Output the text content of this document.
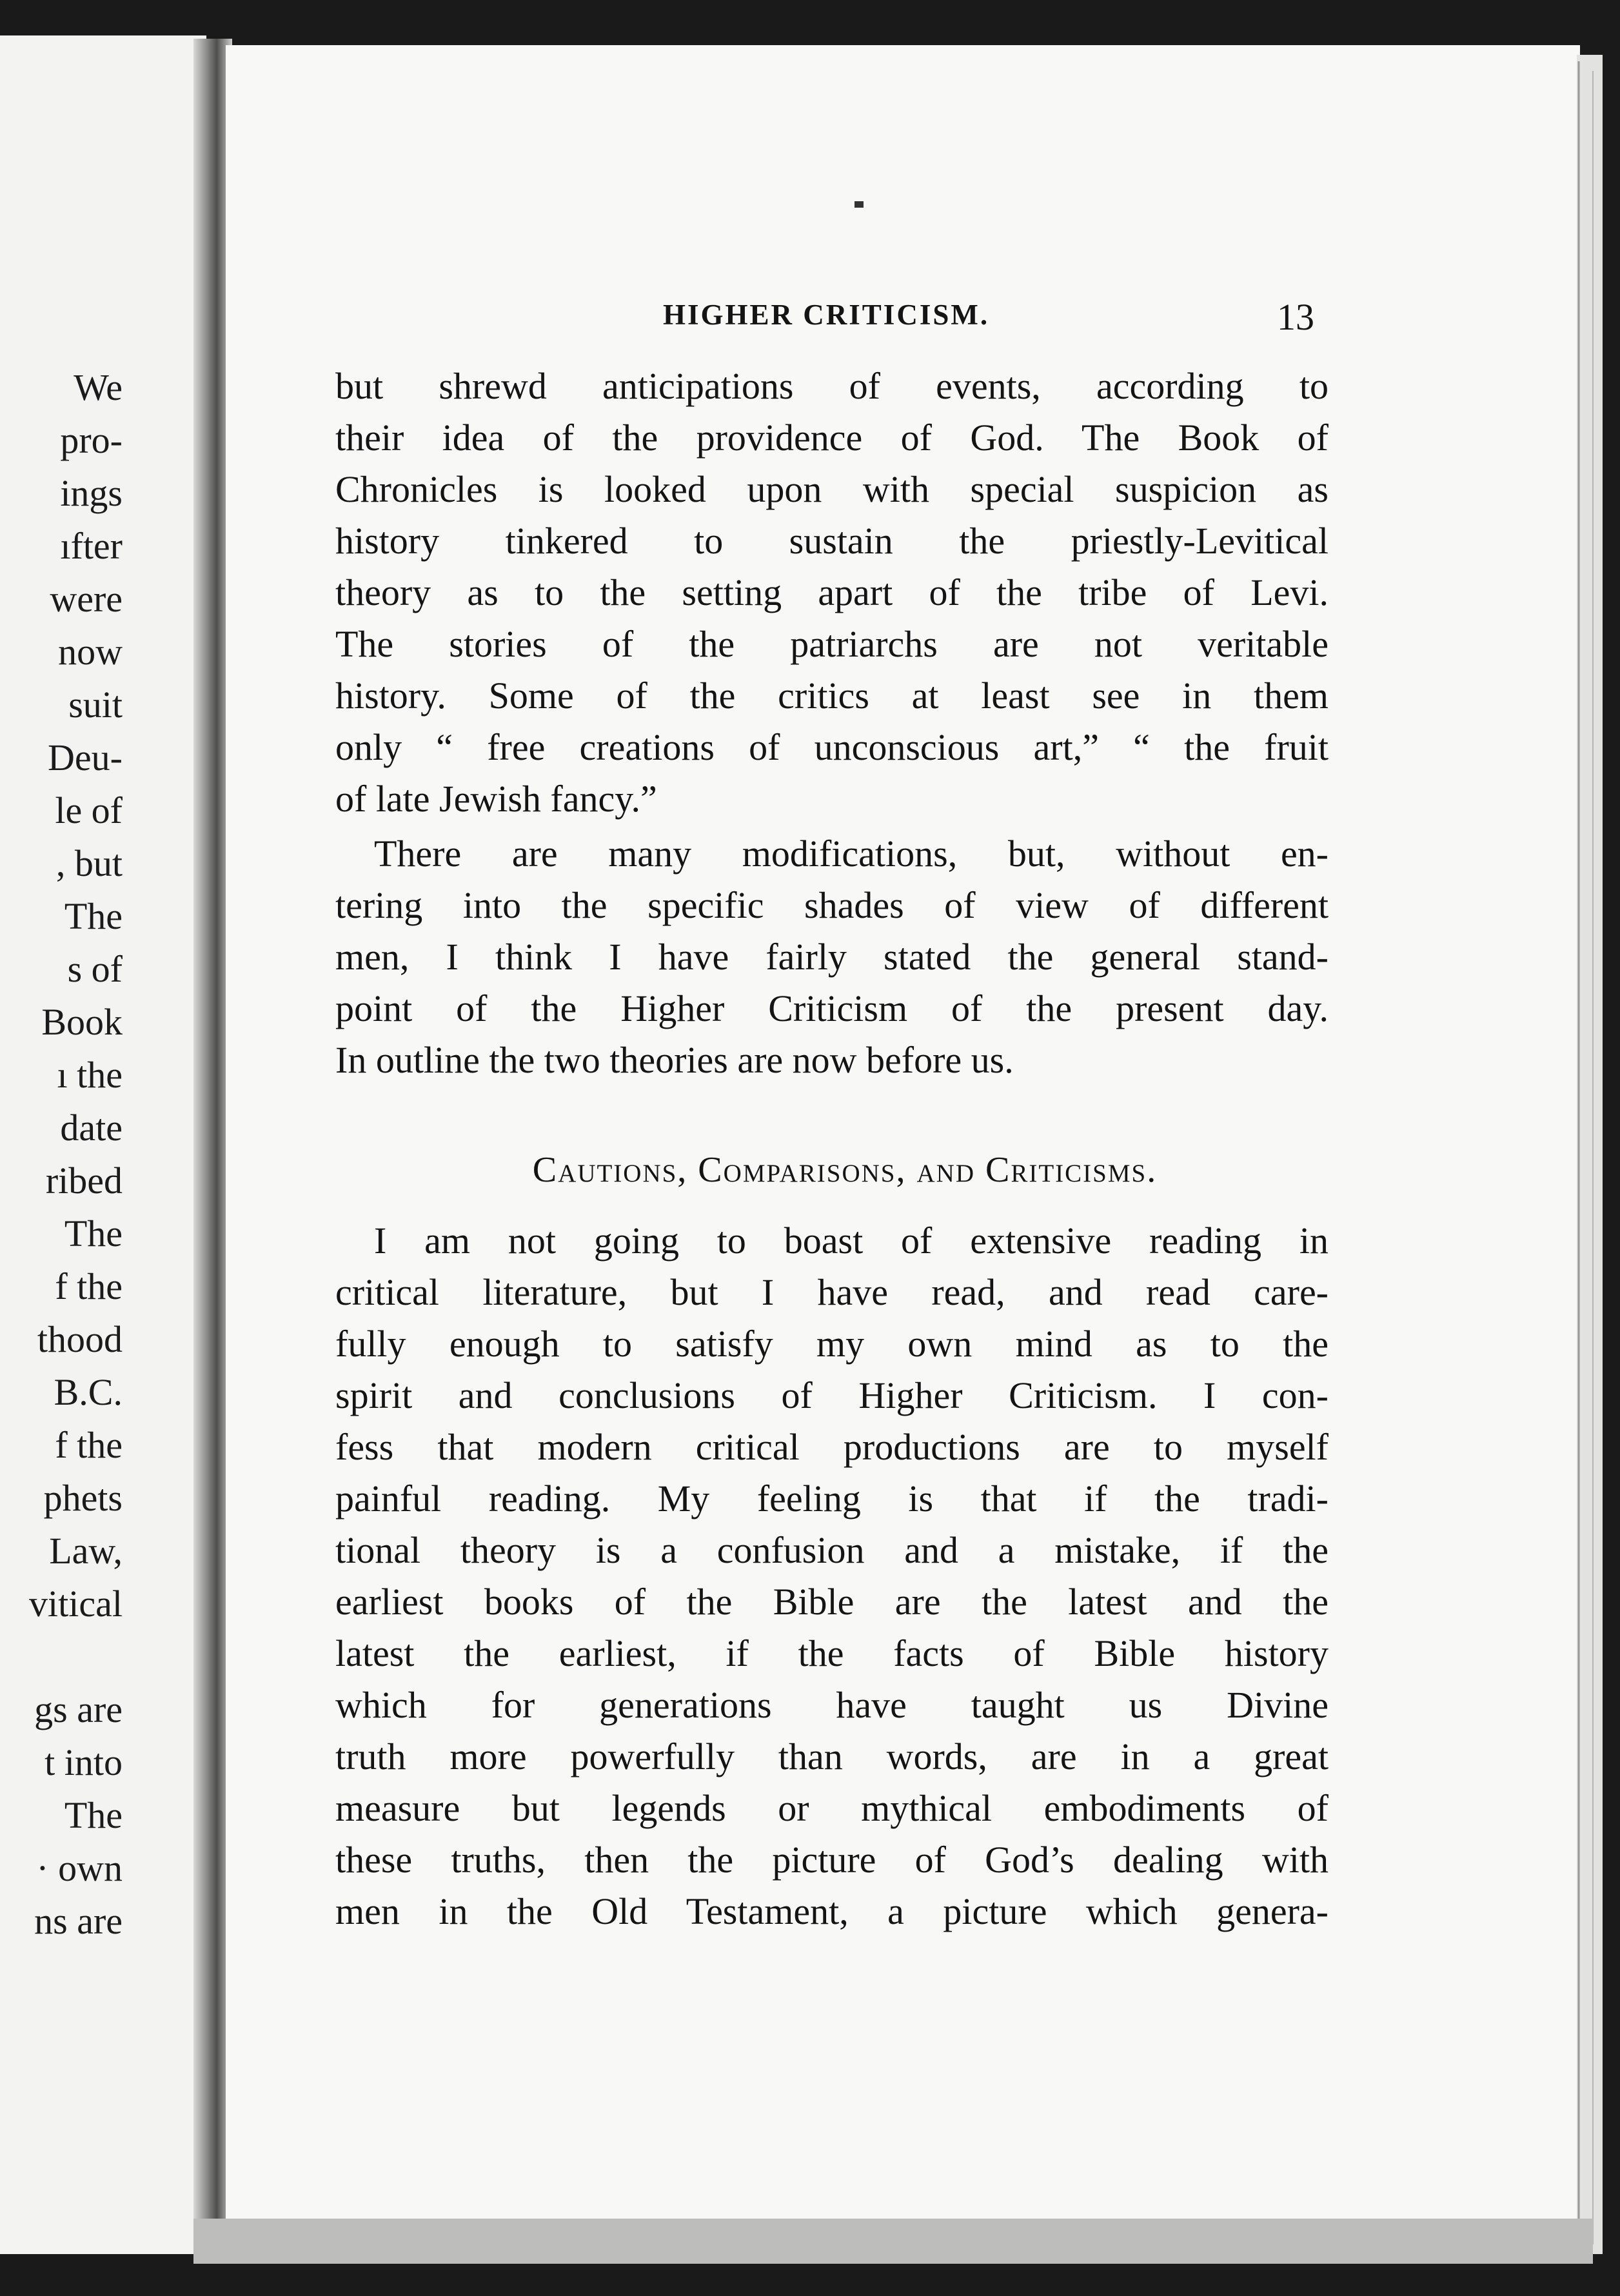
We
pro-
ings
ıfter
were
now
suit
Deu-
le of
, but
The
s of
Book
ı the
date
ribed
The
f the
thood
B.C.
f the
phets
Law,
vitical
gs are
t into
The
· own
ns are
HIGHER CRITICISM.	13
but shrewd anticipations of events, according to
their idea of the providence of God. The Book of
Chronicles is looked upon with special suspicion as
history tinkered to sustain the priestly-Levitical
theory as to the setting apart of the tribe of Levi.
The stories of the patriarchs are not veritable
history. Some of the critics at least see in them
only “ free creations of unconscious art,” “ the fruit
of late Jewish fancy.”
There are many modifications, but, without en-
tering into the specific shades of view of different
men, I think I have fairly stated the general stand-
point of the Higher Criticism of the present day.
In outline the two theories are now before us.
Cautions, Comparisons, and Criticisms.
I am not going to boast of extensive reading in
critical literature, but I have read, and read care-
fully enough to satisfy my own mind as to the
spirit and conclusions of Higher Criticism. I con-
fess that modern critical productions are to myself
painful reading. My feeling is that if the tradi-
tional theory is a confusion and a mistake, if the
earliest books of the Bible are the latest and the
latest the earliest, if the facts of Bible history
which for generations have taught us Divine
truth more powerfully than words, are in a great
measure but legends or mythical embodiments of
these truths, then the picture of God’s dealing with
men in the Old Testament, a picture which genera-
